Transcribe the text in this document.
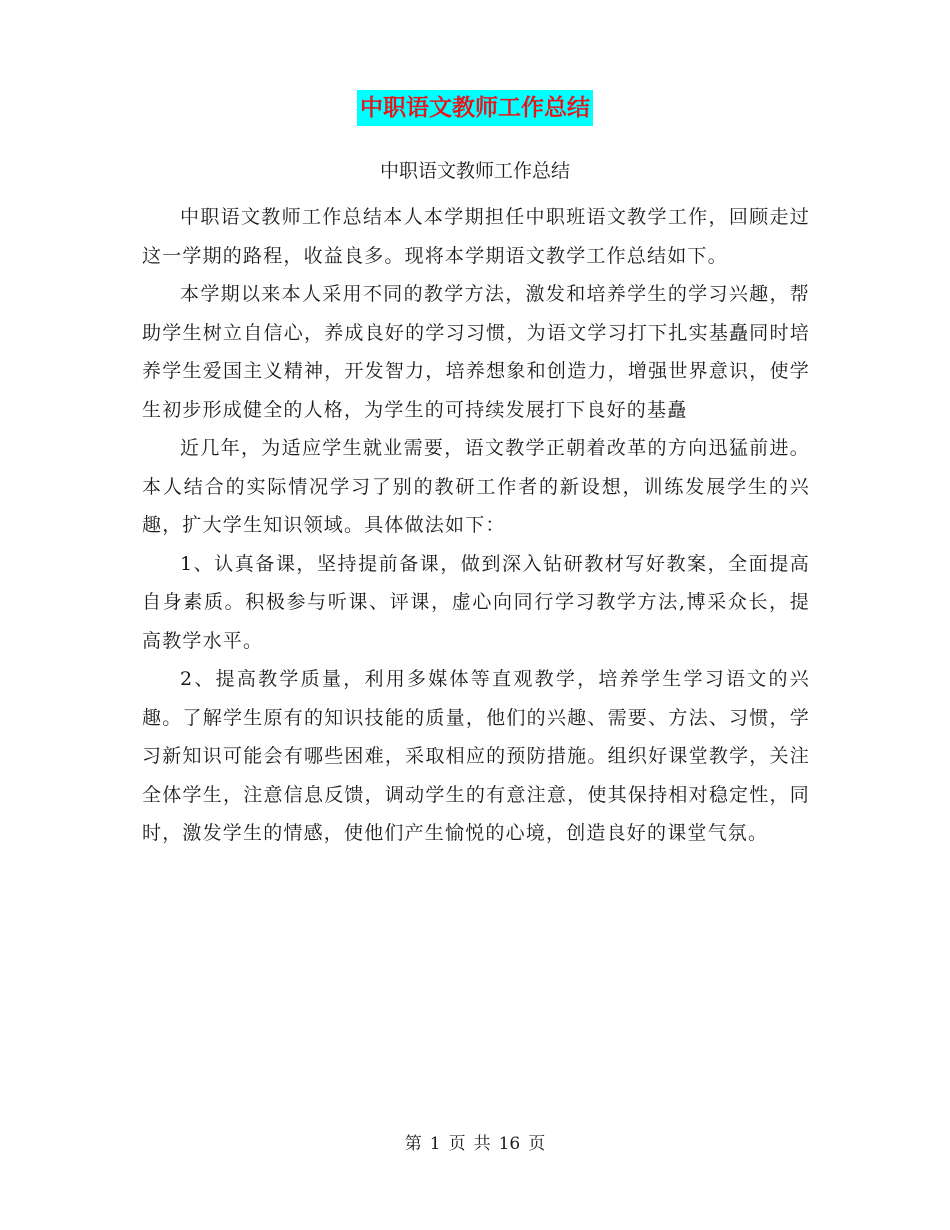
中职语文教师工作总结
中职语文教师工作总结

中职语文教师工作总结本人本学期担任中职班语文教学工作，回顾走过这一学期的路程，收益良多。现将本学期语文教学工作总结如下。

本学期以来本人采用不同的教学方法，激发和培养学生的学习兴趣，帮助学生树立自信心，养成良好的学习习惯，为语文学习打下扎实基矗同时培养学生爱国主义精神，开发智力，培养想象和创造力，增强世界意识，使学生初步形成健全的人格，为学生的可持续发展打下良好的基矗

近几年，为适应学生就业需要，语文教学正朝着改革的方向迅猛前进。本人结合的实际情况学习了别的教研工作者的新设想，训练发展学生的兴趣，扩大学生知识领域。具体做法如下：

1、认真备课，坚持提前备课，做到深入钻研教材写好教案，全面提高自身素质。积极参与听课、评课，虚心向同行学习教学方法,博采众长，提高教学水平。

2、提高教学质量，利用多媒体等直观教学，培养学生学习语文的兴趣。了解学生原有的知识技能的质量，他们的兴趣、需要、方法、习惯，学习新知识可能会有哪些困难，采取相应的预防措施。组织好课堂教学，关注全体学生，注意信息反馈，调动学生的有意注意，使其保持相对稳定性，同时，激发学生的情感，使他们产生愉悦的心境，创造良好的课堂气氛。

第 1 页 共 16 页
